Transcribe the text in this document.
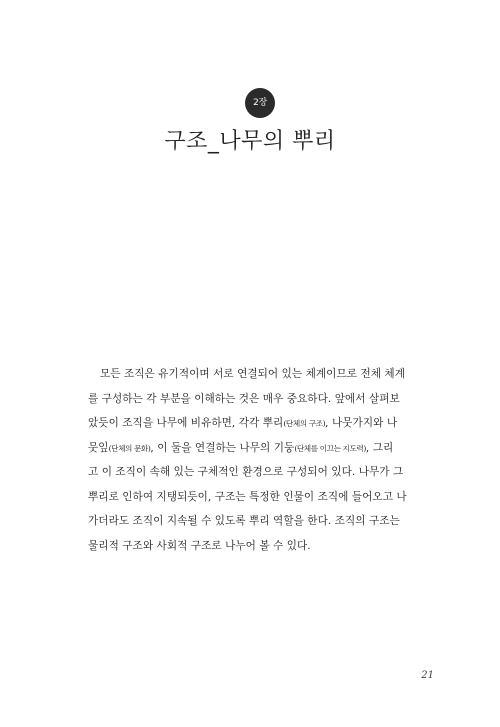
2장
구조_나무의 뿌리
모든 조직은 유기적이며 서로 연결되어 있는 체계이므로 전체 체계
를 구성하는 각 부분을 이해하는 것은 매우 중요하다. 앞에서 살펴보
았듯이 조직을 나무에 비유하면, 각각 뿌리(단체의 구조), 나뭇가지와 나
뭇잎(단체의 문화), 이 둘을 연결하는 나무의 기둥(단체를 이끄는 지도력), 그리
고 이 조직이 속해 있는 구체적인 환경으로 구성되어 있다. 나무가 그
뿌리로 인하여 지탱되듯이, 구조는 특정한 인물이 조직에 들어오고 나
가더라도 조직이 지속될 수 있도록 뿌리 역할을 한다. 조직의 구조는
물리적 구조와 사회적 구조로 나누어 볼 수 있다.
21
